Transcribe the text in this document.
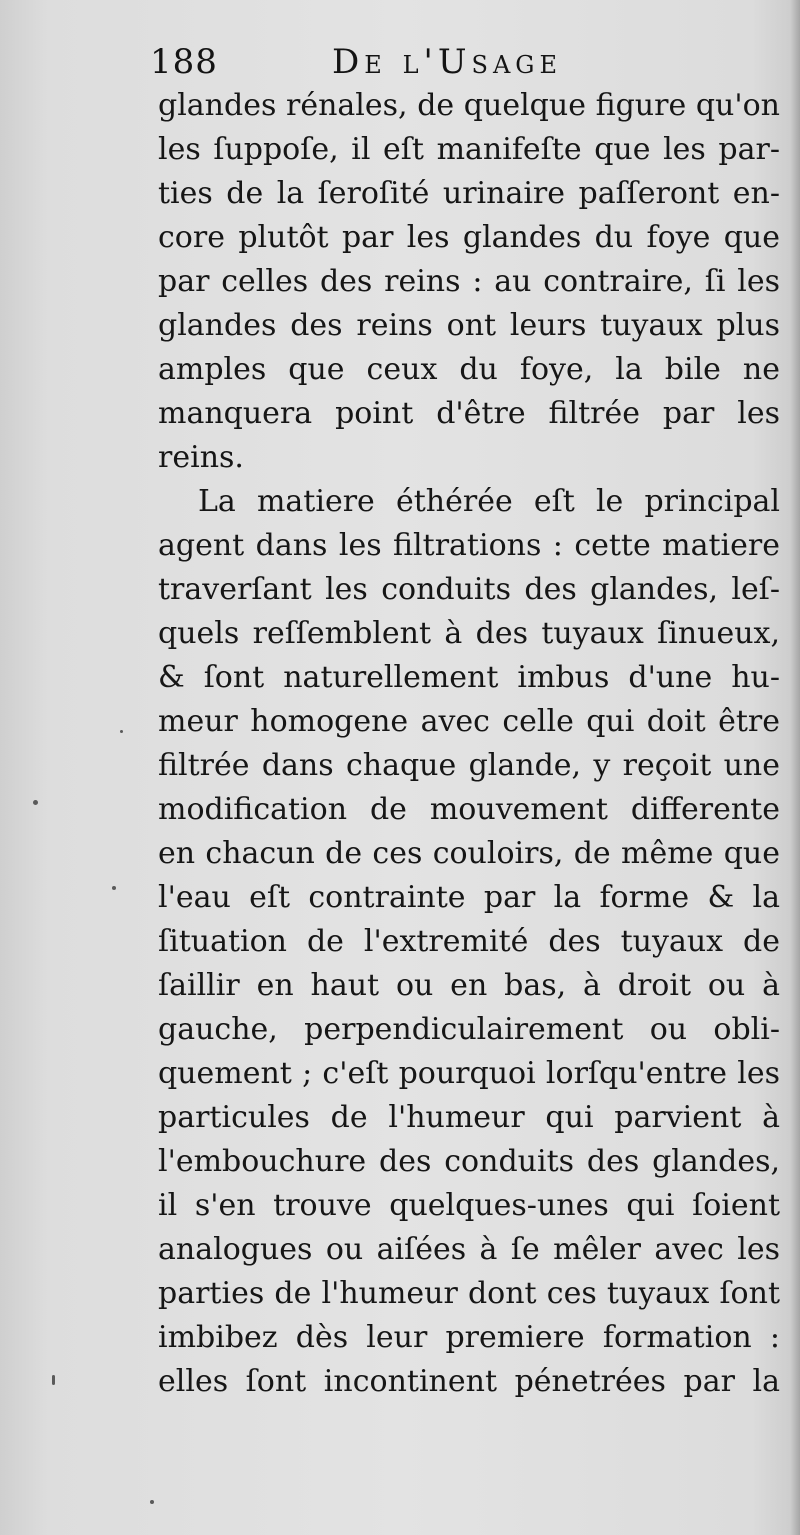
188	De l'Usage
glandes rénales, de quelque figure qu'on
les ſuppoſe, il eſt manifeſte que les par-
ties de la ſeroſité urinaire paſſeront en-
core plutôt par les glandes du foye que
par celles des reins : au contraire, ſi les
glandes des reins ont leurs tuyaux plus
amples que ceux du foye, la bile ne
manquera point d'être filtrée par les
reins.
La matiere éthérée eſt le principal
agent dans les filtrations : cette matiere
traverſant les conduits des glandes, leſ-
quels reſſemblent à des tuyaux ſinueux,
& ſont naturellement imbus d'une hu-
meur homogene avec celle qui doit être
filtrée dans chaque glande, y reçoit une
modification de mouvement differente
en chacun de ces couloirs, de même que
l'eau eſt contrainte par la forme & la
ſituation de l'extremité des tuyaux de
ſaillir en haut ou en bas, à droit ou à
gauche, perpendiculairement ou obli-
quement ; c'eſt pourquoi lorſqu'entre les
particules de l'humeur qui parvient à
l'embouchure des conduits des glandes,
il s'en trouve quelques-unes qui ſoient
analogues ou aiſées à ſe mêler avec les
parties de l'humeur dont ces tuyaux ſont
imbibez dès leur premiere formation :
elles ſont incontinent pénetrées par la
